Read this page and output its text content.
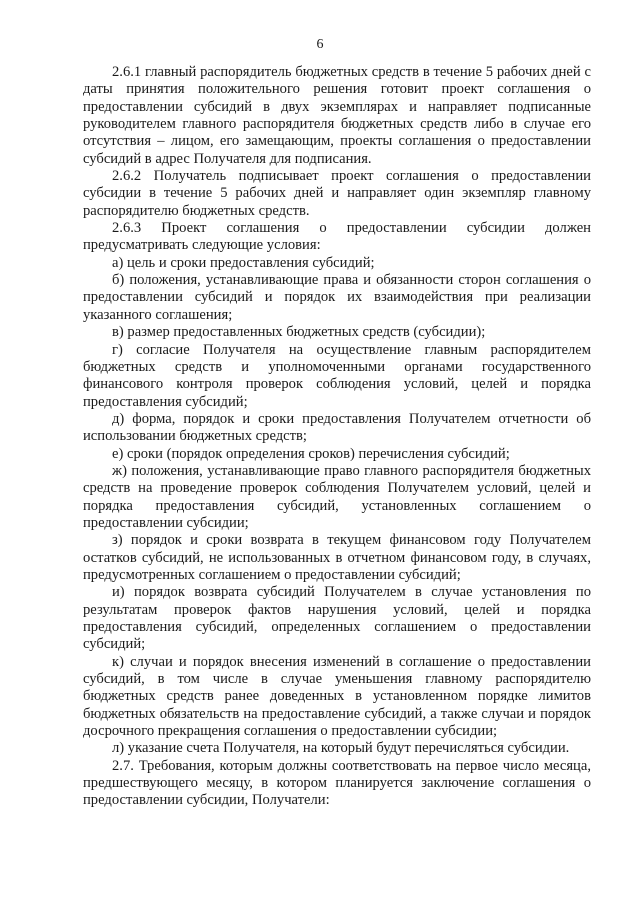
6

2.6.1 главный распорядитель бюджетных средств в течение 5 рабочих дней с даты принятия положительного решения готовит проект соглашения о предоставлении субсидий в двух экземплярах и направляет подписанные руководителем главного распорядителя бюджетных средств либо в случае его отсутствия – лицом, его замещающим, проекты соглашения о предоставлении субсидий в адрес Получателя для подписания.

2.6.2 Получатель подписывает проект соглашения о предоставлении субсидии в течение 5 рабочих дней и направляет один экземпляр главному распорядителю бюджетных средств.

2.6.3 Проект соглашения о предоставлении субсидии должен предусматривать следующие условия:

а) цель и сроки предоставления субсидий;

б) положения, устанавливающие права и обязанности сторон соглашения о предоставлении субсидий и порядок их взаимодействия при реализации указанного соглашения;

в) размер предоставленных бюджетных средств (субсидии);

г) согласие Получателя на осуществление главным распорядителем бюджетных средств и уполномоченными органами государственного финансового контроля проверок соблюдения условий, целей и порядка предоставления субсидий;

д) форма, порядок и сроки предоставления Получателем отчетности об использовании бюджетных средств;

е) сроки (порядок определения сроков) перечисления субсидий;

ж) положения, устанавливающие право главного распорядителя бюджетных средств на проведение проверок соблюдения Получателем условий, целей и порядка предоставления субсидий, установленных соглашением о предоставлении субсидии;

з) порядок и сроки возврата в текущем финансовом году Получателем остатков субсидий, не использованных в отчетном финансовом году, в случаях, предусмотренных соглашением о предоставлении субсидий;

и) порядок возврата субсидий Получателем в случае установления по результатам проверок фактов нарушения условий, целей и порядка предоставления субсидий, определенных соглашением о предоставлении субсидий;

к) случаи и порядок внесения изменений в соглашение о предоставлении субсидий, в том числе в случае уменьшения главному распорядителю бюджетных средств ранее доведенных в установленном порядке лимитов бюджетных обязательств на предоставление субсидий, а также случаи и порядок досрочного прекращения соглашения о предоставлении субсидии;

л) указание счета Получателя, на который будут перечисляться субсидии.

2.7. Требования, которым должны соответствовать на первое число месяца, предшествующего месяцу, в котором планируется заключение соглашения о предоставлении субсидии, Получатели:
